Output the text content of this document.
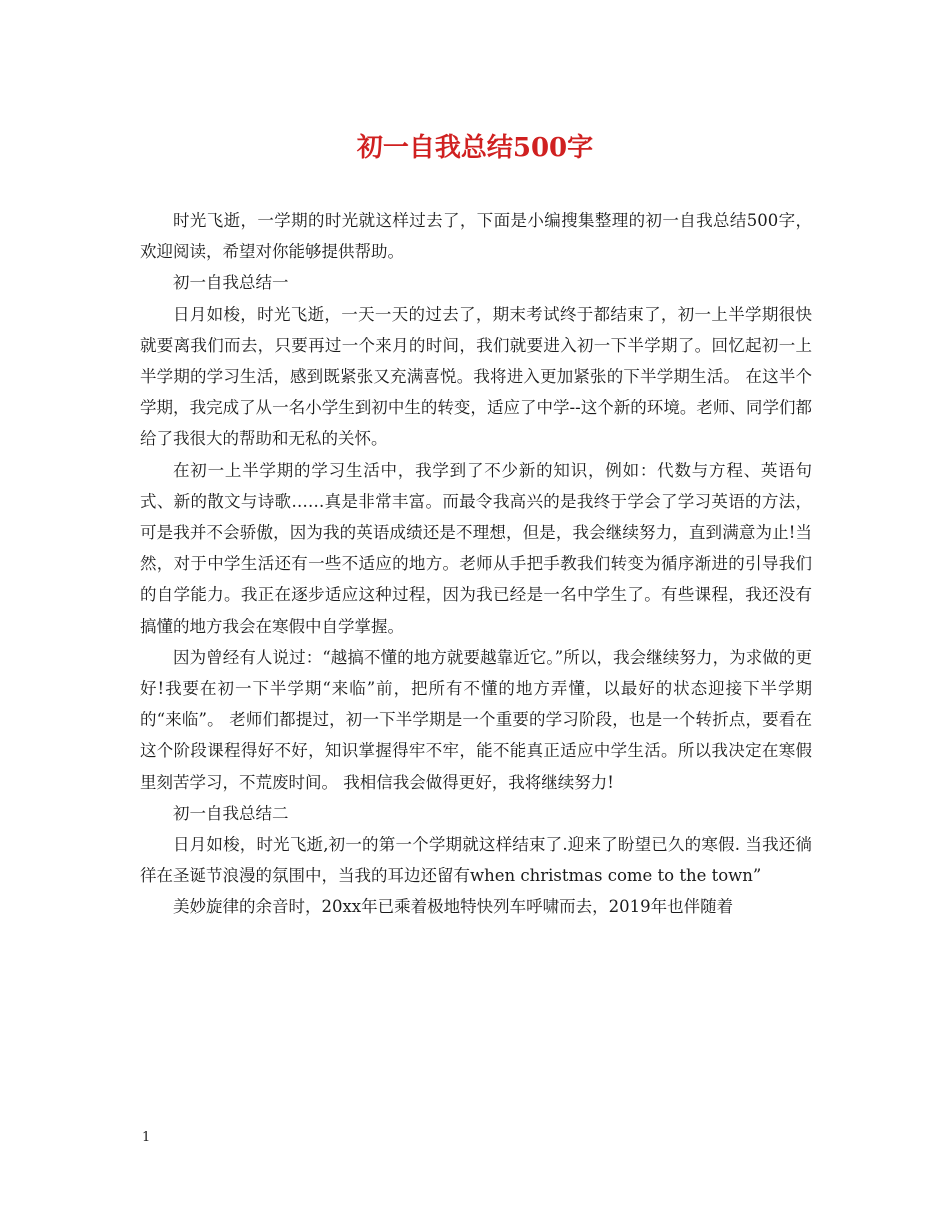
初一自我总结500字

时光飞逝，一学期的时光就这样过去了，下面是小编搜集整理的初一自我总结500字，欢迎阅读，希望对你能够提供帮助。

初一自我总结一

日月如梭，时光飞逝，一天一天的过去了，期末考试终于都结束了，初一上半学期很快就要离我们而去，只要再过一个来月的时间，我们就要进入初一下半学期了。回忆起初一上半学期的学习生活，感到既紧张又充满喜悦。我将进入更加紧张的下半学期生活。 在这半个学期，我完成了从一名小学生到初中生的转变，适应了中学--这个新的环境。老师、同学们都给了我很大的帮助和无私的关怀。

在初一上半学期的学习生活中，我学到了不少新的知识，例如：代数与方程、英语句式、新的散文与诗歌……真是非常丰富。而最令我高兴的是我终于学会了学习英语的方法，可是我并不会骄傲，因为我的英语成绩还是不理想，但是，我会继续努力，直到满意为止!当然，对于中学生活还有一些不适应的地方。老师从手把手教我们转变为循序渐进的引导我们的自学能力。我正在逐步适应这种过程，因为我已经是一名中学生了。有些课程，我还没有搞懂的地方我会在寒假中自学掌握。

因为曾经有人说过：“越搞不懂的地方就要越靠近它。”所以，我会继续努力，为求做的更好!我要在初一下半学期“来临”前，把所有不懂的地方弄懂，以最好的状态迎接下半学期的“来临”。 老师们都提过，初一下半学期是一个重要的学习阶段，也是一个转折点，要看在这个阶段课程得好不好，知识掌握得牢不牢，能不能真正适应中学生活。所以我决定在寒假里刻苦学习，不荒废时间。 我相信我会做得更好，我将继续努力!

初一自我总结二

日月如梭，时光飞逝,初一的第一个学期就这样结束了.迎来了盼望已久的寒假. 当我还徜徉在圣诞节浪漫的氛围中，当我的耳边还留有when christmas come to the town”

美妙旋律的余音时，20xx年已乘着极地特快列车呼啸而去，2019年也伴随着

1
